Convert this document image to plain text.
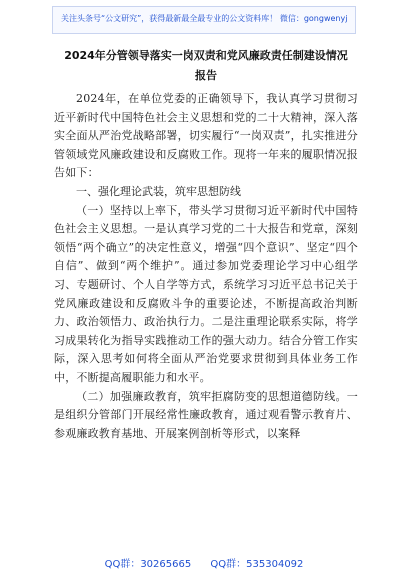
关注头条号“公文研究”，获得最新最全最专业的公文资料库！ 微信：gongwenyj
2024年分管领导落实一岗双责和党风廉政责任制建设情况
报告

2024年，在单位党委的正确领导下，我认真学习贯彻习近平新时代中国特色社会主义思想和党的二十大精神，深入落实全面从严治党战略部署，切实履行“一岗双责”，扎实推进分管领域党风廉政建设和反腐败工作。现将一年来的履职情况报告如下：

一、强化理论武装，筑牢思想防线

（一）坚持以上率下，带头学习贯彻习近平新时代中国特色社会主义思想。一是认真学习党的二十大报告和党章，深刻领悟“两个确立”的决定性意义，增强“四个意识”、坚定“四个自信”、做到“两个维护”。通过参加党委理论学习中心组学习、专题研讨、个人自学等方式，系统学习习近平总书记关于党风廉政建设和反腐败斗争的重要论述，不断提高政治判断力、政治领悟力、政治执行力。二是注重理论联系实际，将学习成果转化为指导实践推动工作的强大动力。结合分管工作实际，深入思考如何将全面从严治党要求贯彻到具体业务工作中，不断提高履职能力和水平。

（二）加强廉政教育，筑牢拒腐防变的思想道德防线。一是组织分管部门开展经常性廉政教育，通过观看警示教育片、参观廉政教育基地、开展案例剖析等形式，以案释

QQ群：30265665 QQ群：535304092
